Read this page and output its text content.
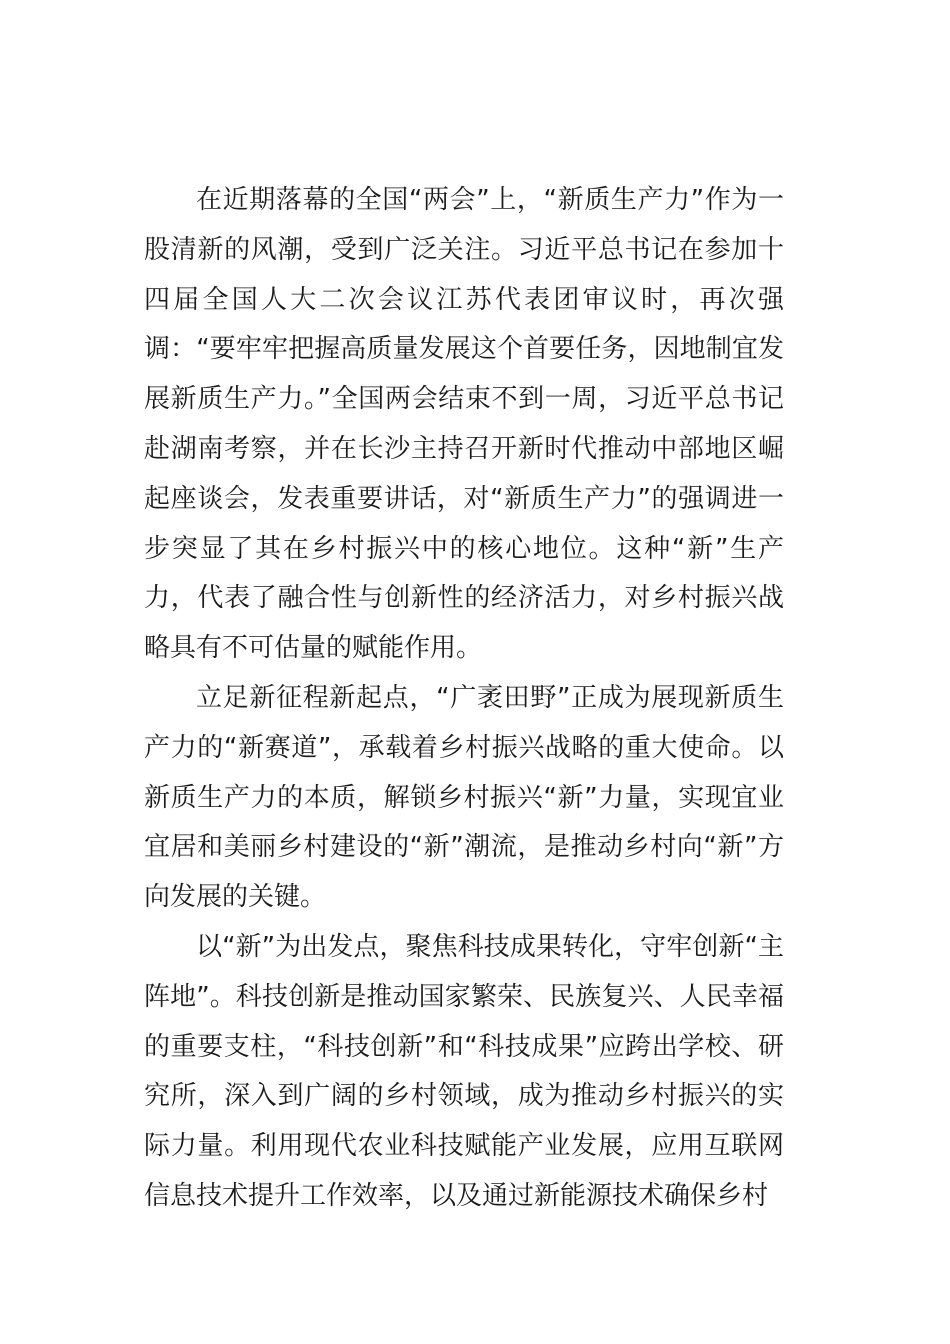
在近期落幕的全国“两会”上，“新质生产力”作为一股清新的风潮，受到广泛关注。习近平总书记在参加十四届全国人大二次会议江苏代表团审议时，再次强调：“要牢牢把握高质量发展这个首要任务，因地制宜发展新质生产力。”全国两会结束不到一周，习近平总书记赴湖南考察，并在长沙主持召开新时代推动中部地区崛起座谈会，发表重要讲话，对“新质生产力”的强调进一步突显了其在乡村振兴中的核心地位。这种“新”生产力，代表了融合性与创新性的经济活力，对乡村振兴战略具有不可估量的赋能作用。

立足新征程新起点，“广袤田野”正成为展现新质生产力的“新赛道”，承载着乡村振兴战略的重大使命。以新质生产力的本质，解锁乡村振兴“新”力量，实现宜业宜居和美丽乡村建设的“新”潮流，是推动乡村向“新”方向发展的关键。

以“新”为出发点，聚焦科技成果转化，守牢创新“主阵地”。科技创新是推动国家繁荣、民族复兴、人民幸福的重要支柱，“科技创新”和“科技成果”应跨出学校、研究所，深入到广阔的乡村领域，成为推动乡村振兴的实际力量。利用现代农业科技赋能产业发展，应用互联网信息技术提升工作效率，以及通过新能源技术确保乡村
